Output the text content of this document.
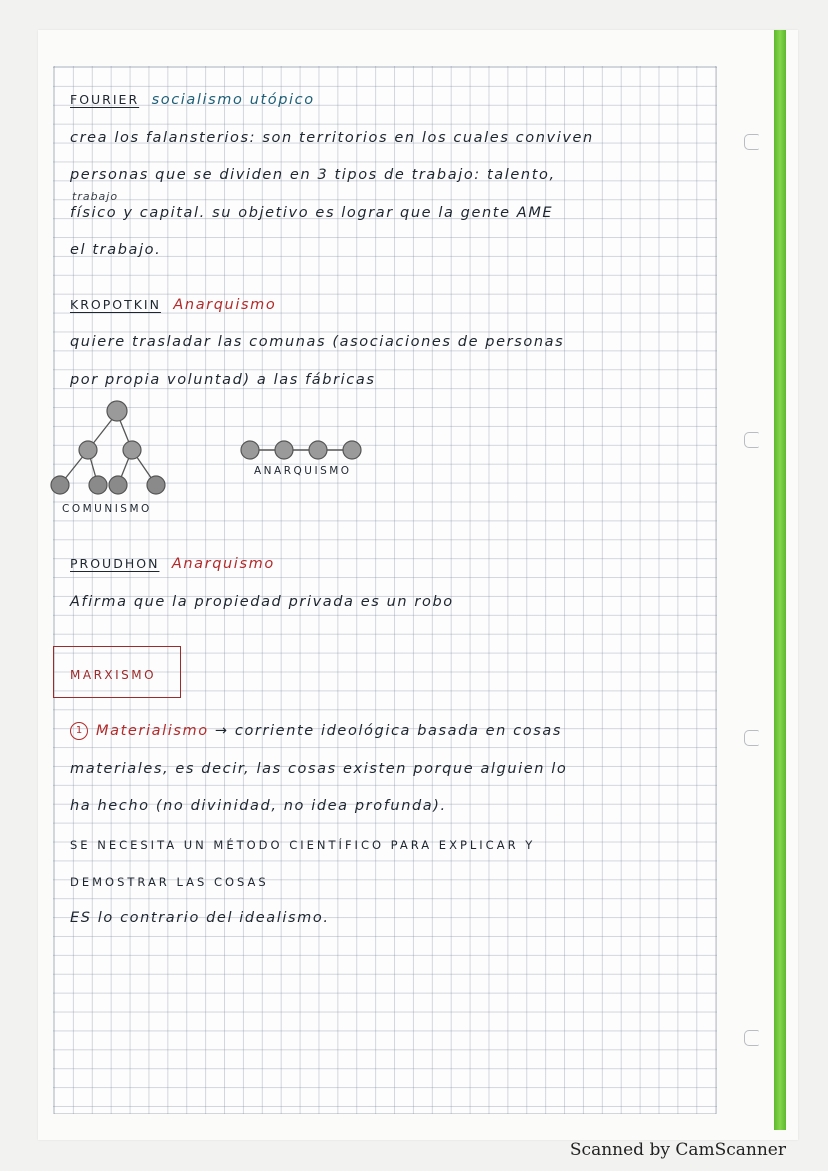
FOURIER socialismo utópico

crea los falansterios: son territorios en los cuales conviven

personas que se dividen en 3 tipos de trabajo: talento,

trabajo

físico y capital. su objetivo es lograr que la gente AME

el trabajo.

KROPOTKIN Anarquismo

quiere trasladar las comunas (asociaciones de personas

por propia voluntad) a las fábricas

ANARQUISMO
COMUNISMO

PROUDHON Anarquismo

Afirma que la propiedad privada es un robo

MARXISMO

1 Materialismo → corriente ideológica basada en cosas

materiales, es decir, las cosas existen porque alguien lo

ha hecho (no divinidad, no idea profunda).

SE NECESITA UN MÉTODO CIENTÍFICO PARA EXPLICAR Y

DEMOSTRAR LAS COSAS

ES lo contrario del idealismo.

Scanned by CamScanner
